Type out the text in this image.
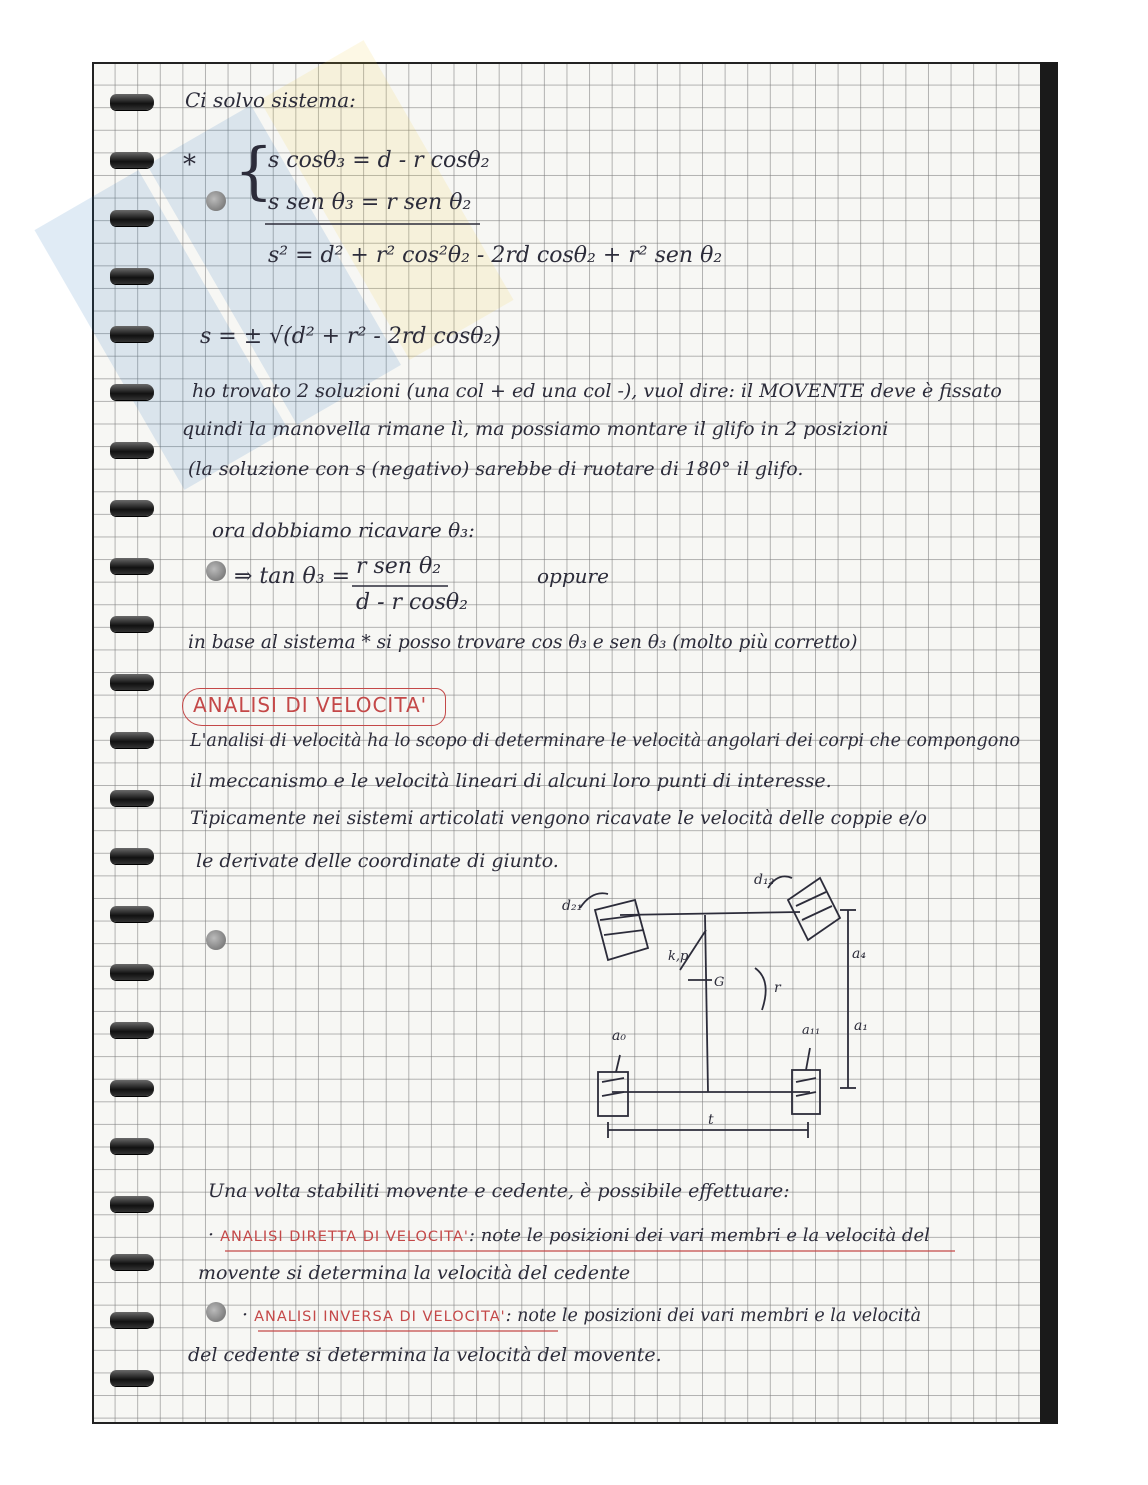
Ci solvo sistema:
* {
s cosθ₃ = d - r cosθ₂
s sen θ₃ = r sen θ₂
s² = d² + r² cos²θ₂ - 2rd cosθ₂ + r² sen θ₂
s = ± √(d² + r² - 2rd cosθ₂)
ho trovato 2 soluzioni (una col + ed una col -), vuol dire: il MOVENTE deve è fissato
quindi la manovella rimane lì, ma possiamo montare il glifo in 2 posizioni
(la soluzione con s (negativo) sarebbe di ruotare di 180° il glifo.
ora dobbiamo ricavare θ₃:
⇒ tan θ₃ = r sen θ₂
d - r cosθ₂
oppure
in base al sistema * si posso trovare cos θ₃ e sen θ₃ (molto più corretto)
ANALISI DI VELOCITA'
L'analisi di velocità ha lo scopo di determinare le velocità angolari dei corpi che compongono
il meccanismo e le velocità lineari di alcuni loro punti di interesse.
Tipicamente nei sistemi articolati vengono ricavate le velocità delle coppie e/o
le derivate delle coordinate di giunto.
d₂₁
d₁₂
a₄
a₁
a₀	a₁₁
t
r
G
k,p
Una volta stabiliti movente e cedente, è possibile effettuare:
· ANALISI DIRETTA DI VELOCITA': note le posizioni dei vari membri e la velocità del
movente si determina la velocità del cedente
· ANALISI INVERSA DI VELOCITA': note le posizioni dei vari membri e la velocità
del cedente si determina la velocità del movente.
